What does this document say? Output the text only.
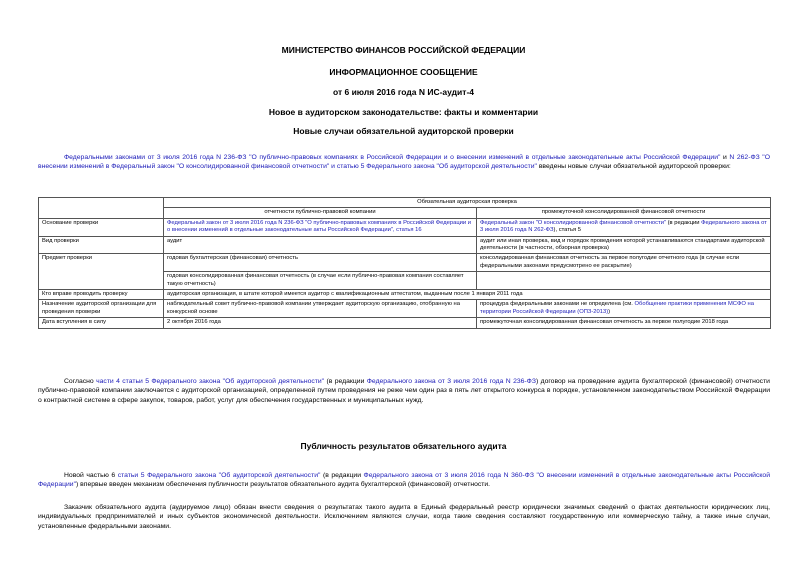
МИНИСТЕРСТВО ФИНАНСОВ РОССИЙСКОЙ ФЕДЕРАЦИИ
ИНФОРМАЦИОННОЕ СООБЩЕНИЕ
от 6 июля 2016 года N ИС-аудит-4
Новое в аудиторском законодательстве: факты и комментарии
Новые случаи обязательной аудиторской проверки
Федеральными законами от 3 июля 2016 года N 236-ФЗ "О публично-правовых компаниях в Российской Федерации и о внесении изменений в отдельные законодательные акты Российской Федерации" и N 262-ФЗ "О внесении изменений в Федеральный закон "О консолидированной финансовой отчетности" и статью 5 Федерального закона "Об аудиторской деятельности" введены новые случаи обязательной аудиторской проверки:
	Обязательная аудиторская проверка	
	отчетности публично-правовой компании	промежуточной консолидированной финансовой отчетности
Основание проверки	Федеральный закон от 3 июля 2016 года N 236-ФЗ "О публично-правовых компаниях в Российской Федерации и о внесении изменений в отдельные законодательные акты Российской Федерации", статья 16	Федеральный закон "О консолидированной финансовой отчетности" (в редакции Федерального закона от 3 июля 2016 года N 262-ФЗ), статья 5
Вид проверки	аудит	аудит или иная проверка, вид и порядок проведения которой устанавливаются стандартами аудиторской деятельности (в частности, обзорная проверка)
Предмет проверки	годовая бухгалтерская (финансовая) отчетность	консолидированная финансовая отчетность за первое полугодие отчетного года (в случае если федеральными законами предусмотрено ее раскрытие)
	годовая консолидированная финансовая отчетность (в случае если публично-правовая компания составляет такую отчетность)	
Кто вправе проводить проверку	аудиторская организация, в штате которой имеется аудитор с квалификационным аттестатом, выданным после 1 января 2011 года	
Назначение аудиторской организации для проведения проверки	наблюдательный совет публично-правовой компании утверждает аудиторскую организацию, отобранную на конкурсной основе	процедура федеральными законами не определена (см. Обобщение практики применения МСФО на территории Российской Федерации (ОПЗ-2013))
Дата вступления в силу	2 октября 2016 года	промежуточная консолидированная финансовая отчетность за первое полугодие 2018 года
Согласно части 4 статьи 5 Федерального закона "Об аудиторской деятельности" (в редакции Федерального закона от 3 июля 2016 года N 236-ФЗ) договор на проведение аудита бухгалтерской (финансовой) отчетности публично-правовой компании заключается с аудиторской организацией, определенной путем проведения не реже чем один раз в пять лет открытого конкурса в порядке, установленном законодательством Российской Федерации о контрактной системе в сфере закупок, товаров, работ, услуг для обеспечения государственных и муниципальных нужд.
Публичность результатов обязательного аудита
Новой частью 6 статьи 5 Федерального закона "Об аудиторской деятельности" (в редакции Федерального закона от 3 июля 2016 года N 360-ФЗ "О внесении изменений в отдельные законодательные акты Российской Федерации") впервые введен механизм обеспечения публичности результатов обязательного аудита бухгалтерской (финансовой) отчетности.
Заказчик обязательного аудита (аудируемое лицо) обязан внести сведения о результатах такого аудита в Единый федеральный реестр юридически значимых сведений о фактах деятельности юридических лиц, индивидуальных предпринимателей и иных субъектов экономической деятельности. Исключением являются случаи, когда такие сведения составляют государственную или коммерческую тайну, а также иные случаи, установленные федеральными законами.
